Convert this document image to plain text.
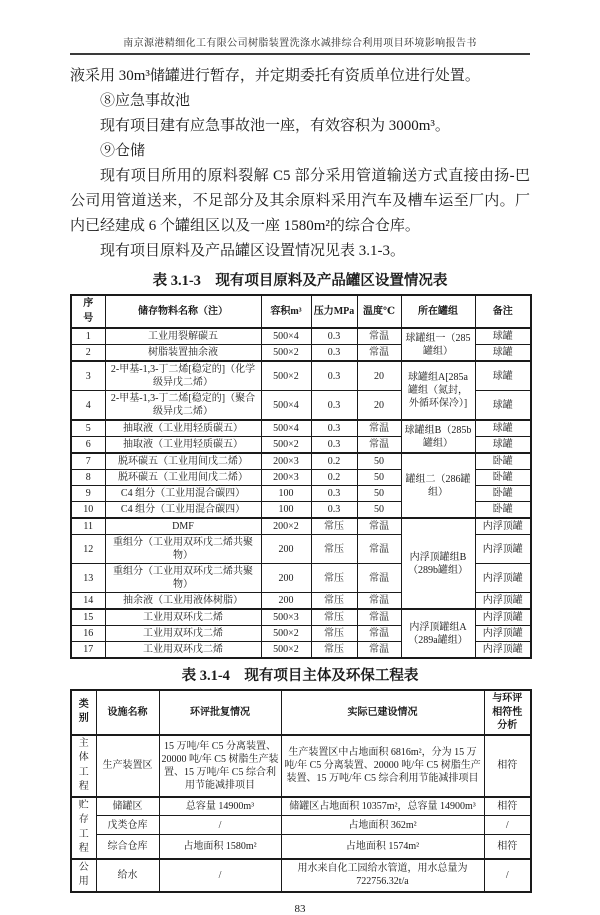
南京源港精细化工有限公司树脂装置洗涤水减排综合利用项目环境影响报告书

液采用 30m³储罐进行暂存，并定期委托有资质单位进行处置。

⑧应急事故池

现有项目建有应急事故池一座，有效容积为 3000m³。

⑨仓储

现有项目所用的原料裂解 C5 部分采用管道输送方式直接由扬-巴公司用管道送来，不足部分及其余原料采用汽车及槽车运至厂内。厂内已经建成 6 个罐组区以及一座 1580m²的综合仓库。

现有项目原料及产品罐区设置情况见表 3.1-3。

表 3.1-3　现有项目原料及产品罐区设置情况表
序号	储存物料名称（注）	容积m³	压力MPa	温度℃	所在罐组	备注
1	工业用裂解碳五	500×4	0.3	常温	球罐组一（285罐组）	球罐
2	树脂装置抽余液	500×2	0.3	常温		球罐
3	2-甲基-1,3-丁二烯[稳定的]（化学级异戊二烯）	500×2	0.3	20	球罐组A[285a罐组（氮封，外循环保冷）]	球罐
4	2-甲基-1,3-丁二烯[稳定的]（聚合级异戊二烯）	500×4	0.3	20		球罐
5	抽取液（工业用轻质碳五）	500×4	0.3	常温	球罐组B（285b罐组）	球罐
6	抽取液（工业用轻质碳五）	500×2	0.3	常温		球罐
7	脱环碳五（工业用间戊二烯）	200×3	0.2	50	罐组二（286罐组）	卧罐
8	脱环碳五（工业用间戊二烯）	200×3	0.2	50		卧罐
9	C4 组分（工业用混合碳四）	100	0.3	50		卧罐
10	C4 组分（工业用混合碳四）	100	0.3	50		卧罐
11	DMF	200×2	常压	常温	内浮顶罐组B（289b罐组）	内浮顶罐
12	重组分（工业用双环戊二烯共聚物）	200	常压	常温		内浮顶罐
13	重组分（工业用双环戊二烯共聚物）	200	常压	常温		内浮顶罐
14	抽余液（工业用液体树脂）	200	常压	常温		内浮顶罐
15	工业用双环戊二烯	500×3	常压	常温	内浮顶罐组A（289a罐组）	内浮顶罐
16	工业用双环戊二烯	500×2	常压	常温		内浮顶罐
17	工业用双环戊二烯	500×2	常压	常温		内浮顶罐
表 3.1-4　现有项目主体及环保工程表
类别	设施名称	环评批复情况	实际已建设情况	与环评相符性分析
主体工程	生产装置区	15 万吨/年 C5 分离装置、20000 吨/年 C5 树脂生产装置、15 万吨/年 C5 综合利用节能减排项目	生产装置区中占地面积 6816m²，分为 15 万吨/年 C5 分离装置、20000 吨/年 C5 树脂生产装置、15 万吨/年 C5 综合利用节能减排项目	相符
贮存工程	储罐区	总容量 14900m³	储罐区占地面积 10357m²，总容量 14900m³	相符
	戊类仓库	/	占地面积 362m²	/
	综合仓库	占地面积 1580m²	占地面积 1574m²	相符
公用	给水	/	用水来自化工园给水管道，用水总量为 722756.32t/a	/
83
